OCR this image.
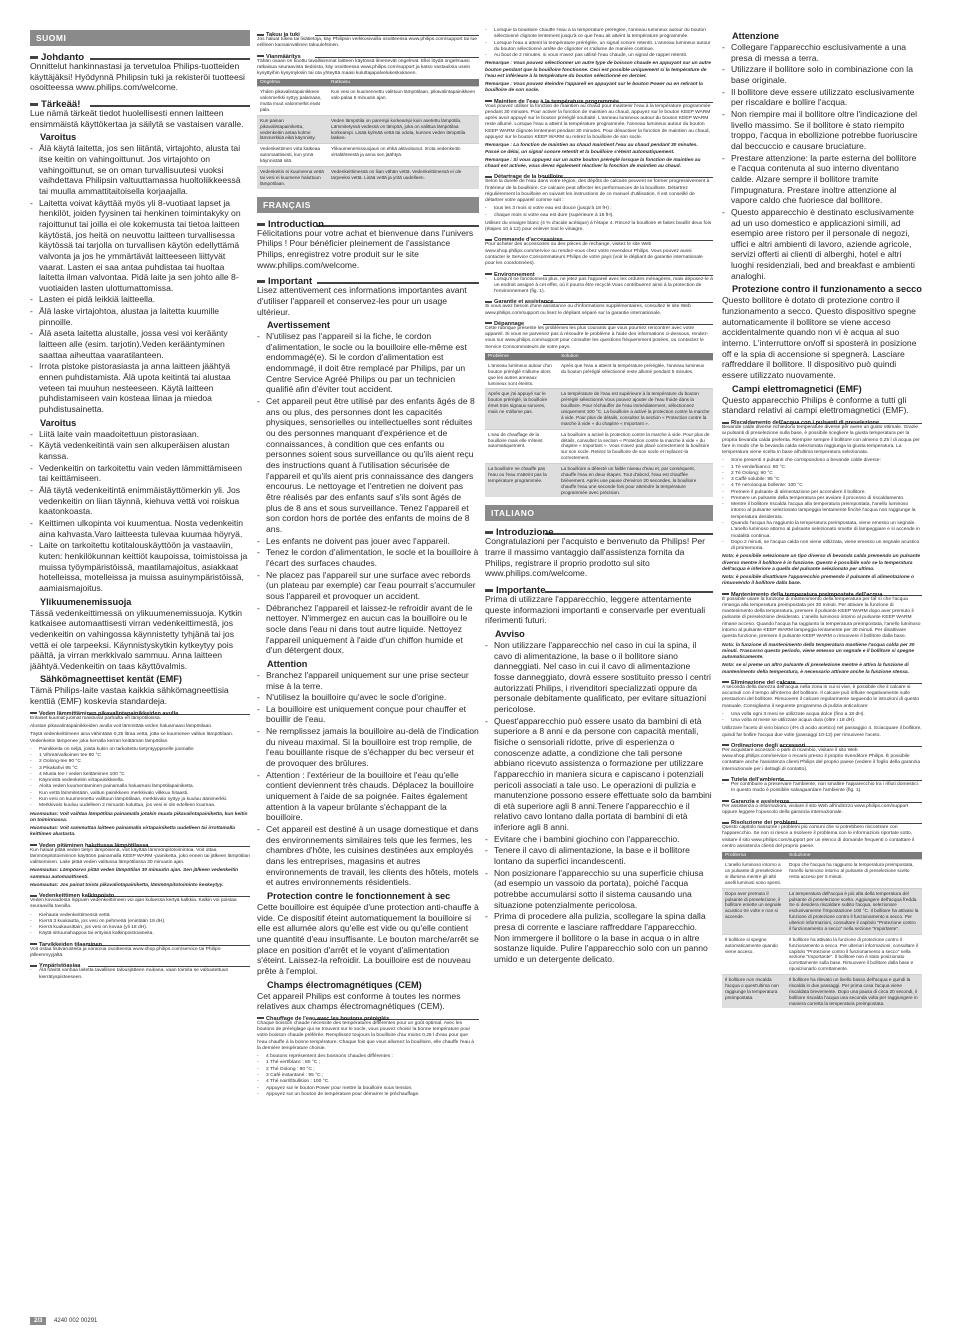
SUOMI
Johdanto

Onnittelut hankinnastasi ja tervetuloa Philips-tuotteiden käyttäjäksi! Hyödynnä Philipsin tuki ja rekisteröi tuotteesi osoitteessa www.philips.com/welcome.

Tärkeää!

Lue nämä tärkeät tiedot huolellisesti ennen laitteen ensimmäistä käyttökertaa ja säilytä se vastaisen varalle.

Varoitus
- Älä käytä laitetta, jos sen liitäntä, virtajohto, alusta tai itse keitin on vahingoittunut. Jos virtajohto on vahingoittunut, se on oman turvallisuutesi vuoksi vaihdettava Philipsin valtuuttamassa huoltoliikkeessä tai muulla ammattitaitoisella korjaajalla.
- Laitetta voivat käyttää myös yli 8-vuotiaat lapset ja henkilöt, joiden fyysinen tai henkinen toimintakyky on rajoittunut tai joilla ei ole kokemusta tai tietoa laitteen käytöstä, jos heitä on neuvottu laitteen turvallisessa käytössä tai tarjolla on turvallisen käytön edellyttämä valvonta ja jos he ymmärtävät laitteeseen liittyvät vaarat. Lasten ei saa antaa puhdistaa tai huoltaa laitetta ilman valvontaa. Pidä laite ja sen johto alle 8-vuotiaiden lasten ulottumattomissa.
- Lasten ei pidä leikkiä laitteella.
- Älä laske virtajohtoa, alustaa ja laitetta kuumille pinnoille.
- Älä aseta laitetta alustalle, jossa vesi voi keräänty laitteen alle (esim. tarjotin).Veden kerääntyminen saattaa aiheuttaa vaaratilanteen.
- Irrota pistoke pistorasiasta ja anna laitteen jäähtyä ennen puhdistamista. Älä upota keitintä tai alustaa veteen tai muuhun nesteeseen. Käytä laitteen puhdistamiseen vain kosteaa liinaa ja miedoa puhdistusainetta.
Varoitus
- Liitä laite vain maadoitettuun pistorasiaan.
- Käytä vedenkeitintä vain sen alkuperäisen alustan kanssa.
- Vedenkeitin on tarkoitettu vain veden lämmittämiseen tai keittämiseen.
- Älä täytä vedenkeitintä enimmäistäyttömerkin yli. Jos vedenkeitin on liian täynnä, kiehuva vettä voi roiskua kaatonkoasta.
- Keittimen ulkopinta voi kuumentua. Nosta vedenkeitin aina kahvasta.Varo laitteesta tulevaa kuumaa höyryä.
- Laite on tarkoitettu kotitalouskäyttöön ja vastaaviin, kuten: henkilökunnan keittiöt kaupoissa, toimistoissa ja muissa työympäristöissä, maatilamajoitus, asiakkaat hotelleissa, motelleissa ja muissa asuinympäristöissä, aamiaismajoitus.
Ylikuumenemissuoja

Tässä vedenkeittimessä on ylikuumenemissuoja. Kytkin katkaisee automaattisesti virran vedenkeittimestä, jos vedenkeitin on vahingossa käynnistetty tyhjänä tai jos vettä ei ole tarpeeksi. Käynnistyskytkin kytkeytyy pois päältä, ja virran merkkivalo sammuu. Anna laitteen jäähtyä.Vedenkeitin on taas käyttövalmis.

Sähkömagneettiset kentät (EMF)

Tämä Philips-laite vastaa kaikkia sähkömagneettisia kenttiä (EMF) koskevia standardeja.

Veden lämmittäminen pikavalintapainikkeiden avulla

Erilaiset kuumat juomat maistuvat parhailta eri lämpötiloissa.

Alustan pikavalintapainikkeiden avulla voit lämmittää veden haluamaasi lämpötilaan.

Täytä vedenkeittimeen aina vähintään 0,25 litraa vettä, jotta se kuumenee valitun lämpötilaan. Vedenkeitin lämpenee joka kerralla kerran keittämän lämpötilan.

- Painikkeita on neljä, joista kukin on tarkoitettu tietyntyyppiselle juomalle:
- 1 Vihreä/valkoinen tee 80 °C
- 2 Oolong-tee 90 °C
- 3 Pikakahvi 95 °C
- 4 Musta tee / veden keittäminen 100 °C
- Käynnistä vedenkeitin virtapainikkeella.
- Aloita veden kuumentaminen painamalla haluamasi lämpötilapainiketta.
- Kun vettä lämmitetään, valitun painikkeen merkkivalo vilkkuu hitaasti.
- Kun vesi on kuumennettu valittuun lämpötilaan, merkkivalo syttyy ja kuuluu äänimerkki.
- Merkkivalo kuuluu uudelleen 2 minuutin kuluttua, jos vesi ei ole edelleen kuumaa.

Huomautus: Voit vaihtaa lämpötilaa painamalla jotakin muuta pikavalintapainiketta, kun keitin on toiminnassa.

Huomautus: Voit sammuttaa laitteen painamalla virtapainiketta uudelleen tai irrottamalla keittimen alustasta.

Veden pitäminen haluttussa lämpötilassa

Kun haluat pitää veden tietyn lämpöisenä, voit käyttää lämmönpitotoimintoa. Voit ottaa lämmönpitotoiminnon käyttöön painamalla KEEP WARM -painiketta, joko ennen tai jälkeen lämpötilan valitsemisen. Laite pitää veden valitussa lämpötilassa 30 minuutin ajan.

Huomautus: Lämpöarvo pitää veden lämpötilan 30 minuutin ajan. Sen jälkeen vedenkeitin sammuu automaattisesti.

Huomautus: Jos painat toista pikavalintapainiketta, lämmönpitotoiminto keskeytyy.

Vedenkeittimen kalkinpoisto

Veden kovuudesta riippuen vedenkeittimeen voi ajan kuluessa kertyä kalkkia. Kalkin voi poistaa seuraavilla tavoilla.

- Kiehauta vedenkeittimessä vettä.
- Kierrä 3 kuukautta, jos vesi on pehmeää (enintään 18 dH).
- Kierrä kuukausittain, jos vesi on kovaa (yli 18 dH).
- Käytä sitruunahappoa tai erityisiä kalkinpoistoaineita.
Tarvikkeiden tilaaminen

Voit ostaa lisävarusteita ja varaosia osoitteesta www.shop.philips.com/service tai Philips-jälleenmyyjältä.

Ympäristöasiaa
- Älä hävitä vanhaa laitetta tavallisen talousjätteen mukana, vaan toimita se valtuutettuun kierrätyspisteeseen.
Takuu ja tuki

Jos haluat tukea tai lisätietoja, käy Philipsin verkkosivuilla osoitteessa www.philips.com/support tai lue erillinen kansainvälinen takuulehtinen.

Vianmääritys

Tähän osaan on koottu tavallisimmat laitteen käytössä ilmenevät ongelmat. Ellei löydä ongelmaasi ratkaisua seuraavista tiedoista, käy osoitteessa www.philips.com/support ja katso vastauksia usein kysyttyihin kysymyksiin tai ota yhteyttä maasi kuluttajapalvelukeskukseen.

Ongelma	Ratkaisu
Yhden pikavalintapainikkeen valonmerkki syttyy palamaan, mutta muut valonmerkit eivät pala.	Kun vesi on kuumennettu valittuun lämpötilaan, pikavalintapainikkeen valo palaa 5 minuutin ajan.
Kun painan pikavalintapainiketta, vedenkeitin antaa kolme lämmerkkiä eikä käynnisty.	Veden lämpötila on parempi korkeampi kuin asetettu lämpötila. Lämmitetyssä vedessä on lämpöä, joka on valittua lämpötilaa korkeampi. Lisää kylmää vettä tai odota, kunnes veden lämpötila laskee.
Vedenkeittimen virta katkeaa automaattisesti, kun ynnä käynnistää sitä.	Ylikuumenemissuojaus on ehkä aktivoitunut. Irrota vedenkeitin virtalähteestä ja anna sen jäähtyä.
Vedenkeitin ei kuumenna vettä tai vesi ei kuumene haluttuun lämpötilaan.	Vedenkeittimessä on liian vähän vettä. Vedenkeittimessä ei ole tarpeeksi vettä. Lisää vettä ja yritä uudelleen.
FRANÇAIS
Introduction

Félicitations pour votre achat et bienvenue dans l'univers Philips ! Pour bénéficier pleinement de l'assistance Philips, enregistrez votre produit sur le site www.philips.com/welcome.

Important

Lisez attentivement ces informations importantes avant d'utiliser l'appareil et conservez-les pour un usage ultérieur.

Avertissement
- N'utilisez pas l'appareil si la fiche, le cordon d'alimentation, le socle ou la bouilloire elle-même est endommagé(e). Si le cordon d'alimentation est endommagé, il doit être remplacé par Philips, par un Centre Service Agréé Philips ou par un technicien qualifié afin d'éviter tout accident.
- Cet appareil peut être utilisé par des enfants âgés de 8 ans ou plus, des personnes dont les capacités physiques, sensorielles ou intellectuelles sont réduites ou des personnes manquant d'expérience et de connaissances, à condition que ces enfants ou personnes soient sous surveillance ou qu'ils aient reçu des instructions quant à l'utilisation sécurisée de l'appareil et qu'ils aient pris connaissance des dangers encourus. Le nettoyage et l'entretien ne doivent pas être réalisés par des enfants sauf s'ils sont âgés de plus de 8 ans et sous surveillance. Tenez l'appareil et son cordon hors de portée des enfants de moins de 8 ans.
- Les enfants ne doivent pas jouer avec l'appareil.
- Tenez le cordon d'alimentation, le socle et la bouilloire à l'écart des surfaces chaudes.
- Ne placez pas l'appareil sur une surface avec rebords (un plateau par exemple) car l'eau pourrait s'accumuler sous l'appareil et provoquer un accident.
- Débranchez l'appareil et laissez-le refroidir avant de le nettoyer. N'immergez en aucun cas la bouilloire ou le socle dans l'eau ni dans tout autre liquide. Nettoyez l'appareil uniquement à l'aide d'un chiffon humide et d'un détergent doux.
Attention
- Branchez l'appareil uniquement sur une prise secteur mise à la terre.
- N'utilisez la bouilloire qu'avec le socle d'origine.
- La bouilloire est uniquement conçue pour chauffer et bouillir de l'eau.
- Ne remplissez jamais la bouilloire au-delà de l'indication du niveau maximal. Si la bouilloire est trop remplie, de l'eau bouillante risque de s'échapper du bec verseur et de provoquer des brûlures.
- Attention : l'extérieur de la bouilloire et l'eau qu'elle contient deviennent très chauds. Déplacez la bouilloire uniquement à l'aide de sa poignée. Faites également attention à la vapeur brûlante s'échappant de la bouilloire.
- Cet appareil est destiné à un usage domestique et dans des environnements similaires tels que les fermes, les chambres d'hôte, les cuisines destinées aux employés dans les entreprises, magasins et autres environnements de travail, les clients des hôtels, motels et autres environnements résidentiels.
Protection contre le fonctionnement à sec

Cette bouilloire est équipée d'une protection anti-chauffe à vide. Ce dispositif éteint automatiquement la bouilloire si elle est allumée alors qu'elle est vide ou qu'elle contient une quantité d'eau insuffisante. Le bouton marche/arrêt se place en position d'arrêt et le voyant d'alimentation s'éteint. Laissez-la refroidir. La bouilloire est de nouveau prête à l'emploi.

Champs électromagnétiques (CEM)

Cet appareil Philips est conforme à toutes les normes relatives aux champs électromagnétiques (CEM).

Chauffage de l'eau avec les boutons préréglés

Chaque boisson chaude nécessite des températures différentes pour un goût optimal. Avec les boutons de préréglage qui se trouvent sur le socle, vous pouvez choisir la bonne température pour votre boisson chaude préférée. Remplissez toujours la bouilloire d'au moins 0,25 l d'eau pour que l'eau chauffe à la bonne température. Chaque fois que vous allumez la bouilloire, elle chauffe l'eau à la dernière température choisie.

- 4 boutons représentent des boissons chaudes différentes :
- 1 Thé vert/blanc : 80 °C ;
- 2 Thé Oolong : 90 °C ;
- 3 Café instantané : 95 °C ;
- 4 Thé noir/Ébullition : 100 °C.
- Appuyez sur le bouton Power pour mettre la bouilloire sous tension.
- Appuyez sur un bouton de température pour démarrer le préchauffage.
- Lorsque la bouilloire chauffe l'eau à la température préréglée, l'anneau lumineux autour du bouton sélectionné clignote lentement jusqu'à ce que l'eau ait atteint la température programmée.
- Lorsque l'eau a atteint la température préréglée, un signal sonore retentit. L'anneau lumineux autour du bouton sélectionné arrête de clignoter et s'allume de manière continue.
- Au bout de 2 minutes, si vous n'avez pas utilisé l'eau chaude, un signal de rappel retentit.

Remarque : Vous pouvez sélectionner un autre type de boisson chaude en appuyant sur un autre bouton pendant que la bouilloire fonctionne. Ceci est possible uniquement si la température de l'eau est inférieure à la température du bouton sélectionné en dernier.

Remarque : Vous pouvez éteindre l'appareil en appuyant sur le bouton Power ou en retirant la bouilloire de son socle.

Maintien de l'eau à la température programmée

Vous pouvez utiliser la fonction de maintien au chaud pour maintenir l'eau à la température programmée pendant 30 minutes. Pour activer la fonction de maintien au chaud, appuyez sur le bouton KEEP WARM après avoir appuyé sur le bouton préréglé souhaité. L'anneau lumineux autour du bouton KEEP WARM reste allumé. Lorsque l'eau a atteint la température programmée, l'anneau lumineux autour du bouton KEEP WARM clignote lentement pendant 30 minutes. Pour désactiver la fonction de maintien au chaud, appuyez sur le bouton KEEP WARM ou retirez la bouilloire de son socle.

Remarque : La fonction de maintien au chaud maintient l'eau au chaud pendant 30 minutes. Passé ce délai, un signal sonore retentit et la bouilloire s'éteint automatiquement.

Remarque : Si vous appuyez sur un autre bouton préréglé lorsque la fonction de maintien au chaud est activée, vous devez également réactiver la fonction de maintien au chaud.

Détartrage de la bouilloire

Selon la dureté de l'eau dans votre région, des dépôts de calcaire peuvent se former progressivement à l'intérieur de la bouilloire. Ce calcaire peut affecter les performances de la bouilloire. Détartrez régulièrement la bouilloire en suivant les instructions de ce manuel d'utilisation. Il est conseillé de détartrer votre appareil comme suit :

- tous les 3 mois si votre eau est douce (jusqu'à 18 fH) ;
- chaque mois si votre eau est dure (supérieure à 18 fH).

Utilisez du vinaigre blanc (4 % d'acide acétique) à l'étape 4. Rincez la bouilloire et faites bouillir deux fois (étapes 10 à 12) pour enlever tout le vinaigre.

Commande d'accessoires

Pour acheter des accessoires ou des pièces de rechange, visitez le site Web www.shop.philips.com/service ou rendez-vous chez votre revendeur Philips. Vous pouvez aussi contacter le Service Consommateurs Philips de votre pays (voir le dépliant de garantie internationale pour les coordonnées).

Environnement
- Lorsqu'il ne fonctionnera plus, ne jetez pas l'appareil avec les ordures ménagères, mais déposez-le à un endroit assigné à cet effet, où il pourra être recyclé.Vous contribuerez ainsi à la protection de l'environnement (fig. 1).
Garantie et assistance

Si vous avez besoin d'une assistance ou d'informations supplémentaires, consultez le site Web www.philips.com/support ou lisez le dépliant séparé sur la garantie internationale.

Dépannage

Cette rubrique présente les problèmes les plus courants que vous pourriez rencontrer avec votre appareil. Si vous ne parvenez pas à résoudre le problème à l'aide des informations ci-dessous, rendez-vous sur www.philips.com/support pour consulter les questions fréquemment posées, ou contactez le Service Consommateurs de votre pays.

Problème	Solution
L'anneau lumineux autour d'un bouton préréglé s'allume alors que les autres anneaux lumineux sont éteints.	Après que l'eau a atteint la température préréglée, l'anneau lumineux du bouton préréglé sélectionné reste allumé pendant 5 minutes.
Après que j'ai appuyé sur le bouton préréglé, la bouilloire émet trois signaux sonores, mais ne s'allume pas.	La température de l'eau est supérieure à la température du bouton préréglé sélectionné.Vous pouvez ajouter de l'eau froide dans la bouilloire. Pour réchauffer de l'eau immédiatement, sélectionnez uniquement 100 °C. La bouilloire a activé la protection contre la marche à vide. Pour plus de détails, consultez la section « Protection contre la marche à vide » du chapitre « Important ».
L'eau de chauffage de la bouilloire mais elle s'éteint automatiquement.	La bouilloire a activé la protection contre la marche à vide. Pour plus de détails, consultez la section « Protection contre la marche à vide » du chapitre « Important ». Vous n'avez pas placé correctement la bouilloire sur son socle. Retirez la bouilloire de son socle et replacez-la correctement.
La bouilloire ne chauffe pas l'eau ou l'eau n'atteint pas la température programmée.	La bouilloire a détecté un faible niveau d'eau et, par conséquent, chauffe l'eau en deux étapes. Tout d'abord, l'eau est chauffée brièvement. Après une pause d'environ 20 secondes, la bouilloire chauffe l'eau une seconde fois pour atteindre la température programmée avec précision.
ITALIANO
Introduzione

Congratulazioni per l'acquisto e benvenuto da Philips! Per trarre il massimo vantaggio dall'assistenza fornita da Philips, registrare il proprio prodotto sul sito www.philips.com/welcome.

Importante

Prima di utilizzare l'apparecchio, leggere attentamente queste informazioni importanti e conservarle per eventuali riferimenti futuri.

Avviso
- Non utilizzare l'apparecchio nel caso in cui la spina, il cavo di alimentazione, la base o il bollitore siano danneggiati. Nel caso in cui il cavo di alimentazione fosse danneggiato, dovrà essere sostituito presso i centri autorizzati Philips, i rivenditori specializzati oppure da personale debitamente qualificato, per evitare situazioni pericolose.
- Quest'apparecchio può essere usato da bambini di età superiore a 8 anni e da persone con capacità mentali, fisiche o sensoriali ridotte, prive di esperienza o conoscenze adatte, a condizione che tali persone abbiano ricevuto assistenza o formazione per utilizzare l'apparecchio in maniera sicura e capiscano i potenziali pericoli associati a tale uso. Le operazioni di pulizia e manutenzione possono essere effettuate solo da bambini di età superiore agli 8 anni.Tenere l'apparecchio e il relativo cavo lontano dalla portata di bambini di età inferiore agli 8 anni.
- Evitare che i bambini giochino con l'apparecchio.
- Tenere il cavo di alimentazione, la base e il bollitore lontano da superfici incandescenti.
- Non posizionare l'apparecchio su una superficie chiusa (ad esempio un vassoio da portata), poiché l'acqua potrebbe accumularsi sotto il sistema causando una situazione potenzialmente pericolosa.
- Prima di procedere alla pulizia, scollegare la spina dalla presa di corrente e lasciare raffreddare l'apparecchio. Non immergere il bollitore o la base in acqua o in altre sostanze liquide. Pulire l'apparecchio solo con un panno umido e un detergente delicato.
Attenzione
- Collegare l'apparecchio esclusivamente a una presa di messa a terra.
- Utilizzare il bollitore solo in combinazione con la base originale.
- Il bollitore deve essere utilizzato esclusivamente per riscaldare e bollire l'acqua.
- Non riempire mai il bollitore oltre l'indicazione del livello massimo. Se il bollitore è stato riempito troppo, l'acqua in ebollizione potrebbe fuoriuscire dal beccuccio e causare bruciature.
- Prestare attenzione: la parte esterna del bollitore e l'acqua contenuta al suo interno diventano calde. Alzare sempre il bollitore tramite l'impugnatura. Prestare inoltre attenzione al vapore caldo che fuoriesce dal bollitore.
- Questo apparecchio è destinato esclusivamente ad un uso domestico e applicazioni simili, ad esempio aree ristoro per il personale di negozi, uffici e altri ambienti di lavoro, aziende agricole, servizi offerti ai clienti di alberghi, hotel e altri luoghi residenziali, bed and breakfast e ambienti analoghi.
Protezione contro il funzionamento a secco

Questo bollitore è dotato di protezione contro il funzionamento a secco. Questo dispositivo spegne automaticamente il bollitore se viene acceso accidentalmente quando non vi è acqua al suo interno. L'interruttore on/off si sposterà in posizione off e la spia di accensione si spegnerà. Lasciare raffreddare il bollitore. Il dispositivo può quindi essere utilizzato nuovamente.

Campi elettromagnetici (EMF)

Questo apparecchio Philips è conforme a tutti gli standard relativi ai campi elettromagnetici (EMF).

Riscaldamento dell'acqua con i pulsanti di preselezione

Bevande calde diverse richiedono temperature diverse per avere un gusto ottimale. Grazie ai pulsanti di preselezione sulla base, è possibile scegliere la giusta temperatura per la propria bevanda calda preferita. Riempire sempre il bollitore con almeno 0,25 l di acqua per fare in modo che la bevanda calda selezionata raggiunga la giusta temperatura. La temperatura viene scelta in base all'ultima temperatura selezionata.

- Sono presenti 4 pulsanti che corrispondono a bevande calde diverse:
- 1 Tè verde/bianco: 80 °C
- 2 Tè Oolong: 90 °C
- 3 Caffè solubile: 95 °C
- 4 Tè nero/acqua bollente: 100 °C
- Premere il pulsante di alimentazione per accendere il bollitore.
- Premere un pulsante della temperatura per avviare il processo di riscaldamento.
- Mentre il bollitore riscalda l'acqua alla temperatura preimpostata, l'anello luminoso intorno al pulsante selezionato lampeggia lentamente finché l'acqua non raggiunge la temperatura desiderata.
- Quando l'acqua ha raggiunto la temperatura preimpostata, viene emesso un segnale. L'anello luminoso attorno al pulsante selezionato smette di lampeggiare e si accende in modalità continua.
- Dopo 2 minuti, se l'acqua calda non viene utilizzata, viene emesso un segnale acustico di promemoria.

Nota: è possibile selezionare un tipo diverso di bevanda calda premendo un pulsante diverso mentre il bollitore è in funzione. Questo è possibile solo se la temperatura dell'acqua è inferiore a quella del pulsante selezionato per ultimo.

Nota: è possibile disattivare l'apparecchio premendo il pulsante di alimentazione o rimuovendo il bollitore dalla base.

Mantenimento della temperatura preimpostata dell'acqua

È possibile usare la funzione di mantenimento della temperatura per far sì che l'acqua rimanga alla temperatura preimpostata per 30 minuti. Per attivare la funzione di mantenimento della temperatura, premere il pulsante KEEP WARM dopo aver premuto il pulsante di preselezione desiderato. L'anello luminoso intorno al pulsante KEEP WARM rimane acceso. Quando l'acqua ha raggiunto la temperatura preimpostata, l'anello luminoso intorno al pulsante KEEP WARM lampeggia lentamente per 30 minuti. Per disattivare questa funzione, premere il pulsante KEEP WARM o rimuovere il bollitore dalla base.

Nota: la funzione di mantenimento della temperatura mantiene l'acqua calda per 30 minuti. Trascorso questo periodo, viene emesso un segnale e il bollitore si spegne automaticamente.

Nota: se si preme un altro pulsante di preselezione mentre è attiva la funzione di mantenimento della temperatura, è necessario attivare anche la funzione stessa.

Eliminazione del calcare

A seconda della durezza dell'acqua nella zona in cui si vive, è possibile che il calcare si accumuli con il tempo all'interno del bollitore. Il calcare può influire negativamente sulle prestazioni del bollitore. Rimuovere il calcare regolarmente seguendo le istruzioni di questo manuale. Consigliamo il seguente programma di pulizia anticalcare:

- Una volla ogni 3 mesi se utilizzate acqua dolce (fino a 18 dH).
- Una volta al mese se utilizzate acqua dura (oltre i 18 dH).

Utilizzare l'aceto di vino bianco (4% di acido acetico) nel passaggio 4. Sciacquare il bollitore, quindi far bollire l'acqua due volte (passaggi 10-12) per rimuovere l'aceto.

Ordinazione degli accessori

Per acquistare accessori o parti di ricambio, visitare il sito Web www.shop.philips.com/service o recarsi presso il proprio rivenditore Philips. È possibile contattare anche l'assistenza clienti Philips del proprio paese (vedere il foglio della garanzia internazionale per i dettagli di contatto).

Tutela dell'ambiente
- Per contribuire a preservare l'ambiente, non smaltire l'apparecchio tra i rifiuti domestici. In questo modo è possibile salvaguardare l'ambiente (fig. 1).
Garanzia e assistenza

Per assistenza o informazioni, visitare il sito Web all'indirizzo www.philips.com/support oppure leggere l'opuscolo della garanzia internazionale.

Risoluzione dei problemi

Questo capitolo riassume i problemi più comuni che si potrebbero riscontrare con l'apparecchio. Se non si riesce a risolvere il problema con le informazioni riportate sotto, visitare il sito www.philips.com/support per un elenco di domande frequenti o contattare il centro assistenza clienti del proprio paese.

Problema	Soluzione
L'anello luminoso intorno a un pulsante di preselezione si illumina mentre gli altri anelli luminosi sono spenti.	Dopo che l'acqua ha raggiunto la temperatura preimpostata, l'anello luminoso intorno al pulsante di preselezione scelto resta acceso per 5 minuti.
Dopo aver premuto il pulsante di preselezione, il bollitore emette un segnale acustico tre volte e non si accende.	La temperatura dell'acqua è più alta della temperatura del pulsante di preselezione scelto. Aggiungere dell'acqua fredda. Se si desidera riscaldare subito l'acqua, selezionare esclusivamente l'impostazione 100 °C. Il bollitore ha attivato la funzione di protezione contro il funzionamento a secco. Per ulteriori informazioni, consultare il capitolo "Protezione contro il funzionamento a secco" nella sezione "Importante".
Il bollitore si spegne automaticamente quando viene acceso.	Il bollitore ha attivato la funzione di protezione contro il funzionamento a secco. Per ulteriori informazioni, consultare il capitolo "Protezione contro il funzionamento a secco" nella sezione "Importante". Il bollitore non è stato posizionato correttamente sulla base. Rimuovere il bollitore dalla base e riposizionarlo correttamente.
Il bollitore non riscalda l'acqua o quest'ultima non raggiunge la temperatura preimpostata.	Il bollitore ha rilevato un livello basso dell'acqua e quindi la riscalda in due passaggi. Per prima cosa l'acqua viene riscaldata brevemente. Dopo una pausa di circa 20 secondi, il bollitore riscalda l'acqua una seconda volta per raggiungere in maniera corretta la temperatura preimpostata.
2/3 4240 002 00291
